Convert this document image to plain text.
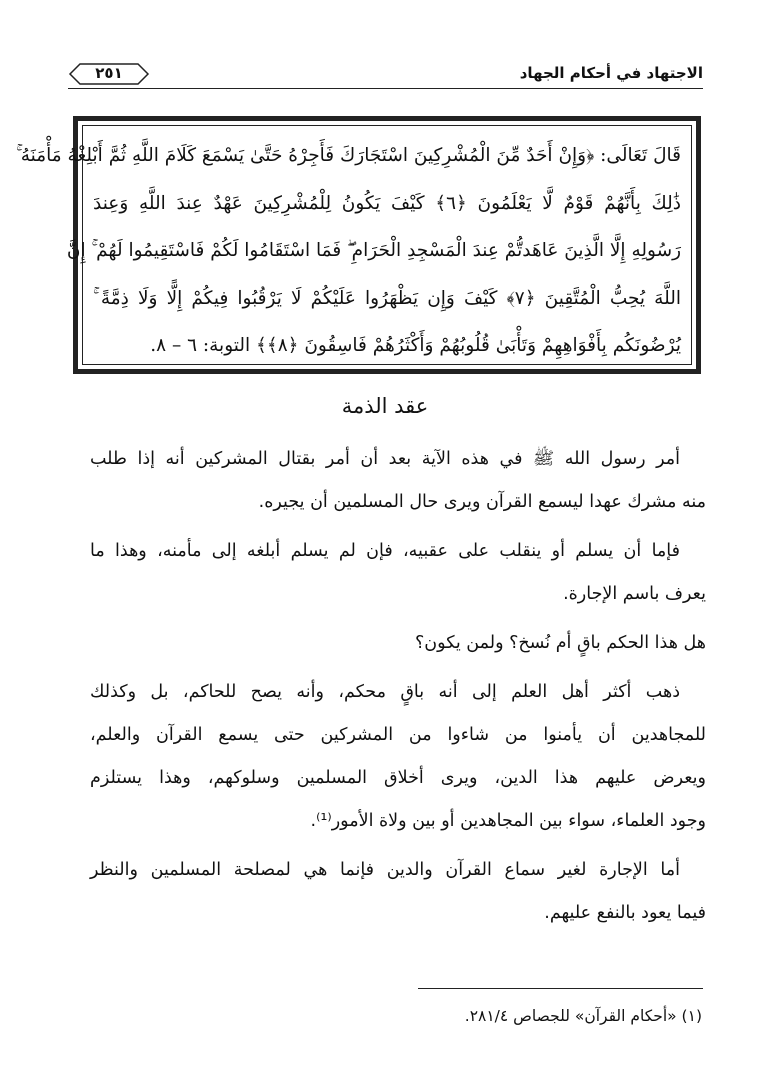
الاجتهاد في أحكام الجهاد
٢٥١
قَالَ تَعَالَى: ﴿وَإِنْ أَحَدٌ مِّنَ الْمُشْرِكِينَ اسْتَجَارَكَ فَأَجِرْهُ حَتَّىٰ يَسْمَعَ كَلَامَ اللَّهِ ثُمَّ أَبْلِغْهُ مَأْمَنَهُ ۚ
ذَٰلِكَ بِأَنَّهُمْ قَوْمٌ لَّا يَعْلَمُونَ ﴿٦﴾ كَيْفَ يَكُونُ لِلْمُشْرِكِينَ عَهْدٌ عِندَ اللَّهِ وَعِندَ
رَسُولِهِ إِلَّا الَّذِينَ عَاهَدتُّمْ عِندَ الْمَسْجِدِ الْحَرَامِ ۖ فَمَا اسْتَقَامُوا لَكُمْ فَاسْتَقِيمُوا لَهُمْ ۚ إِنَّ
اللَّهَ يُحِبُّ الْمُتَّقِينَ ﴿٧﴾ كَيْفَ وَإِن يَظْهَرُوا عَلَيْكُمْ لَا يَرْقُبُوا فِيكُمْ إِلًّا وَلَا ذِمَّةً ۚ
يُرْضُونَكُم بِأَفْوَاهِهِمْ وَتَأْبَىٰ قُلُوبُهُمْ وَأَكْثَرُهُمْ فَاسِقُونَ ﴿٨﴾﴾ التوبة: ٦ – ٨.
عقد الذمة
أمر رسول الله ﷺ في هذه الآية بعد أن أمر بقتال المشركين أنه إذا طلب
منه مشرك عهدا ليسمع القرآن ويرى حال المسلمين أن يجيره.
فإما أن يسلم أو ينقلب على عقبيه، فإن لم يسلم أبلغه إلى مأمنه، وهذا ما
يعرف باسم الإجارة.
هل هذا الحكم باقٍ أم نُسخ؟ ولمن يكون؟
ذهب أكثر أهل العلم إلى أنه باقٍ محكم، وأنه يصح للحاكم، بل وكذلك
للمجاهدين أن يأمنوا من شاءوا من المشركين حتى يسمع القرآن والعلم،
ويعرض عليهم هذا الدين، ويرى أخلاق المسلمين وسلوكهم، وهذا يستلزم
وجود العلماء، سواء بين المجاهدين أو بين ولاة الأمور⁽¹⁾.
أما الإجارة لغير سماع القرآن والدين فإنما هي لمصلحة المسلمين والنظر
فيما يعود بالنفع عليهم.
(١) «أحكام القرآن» للجصاص ٢٨١/٤.
